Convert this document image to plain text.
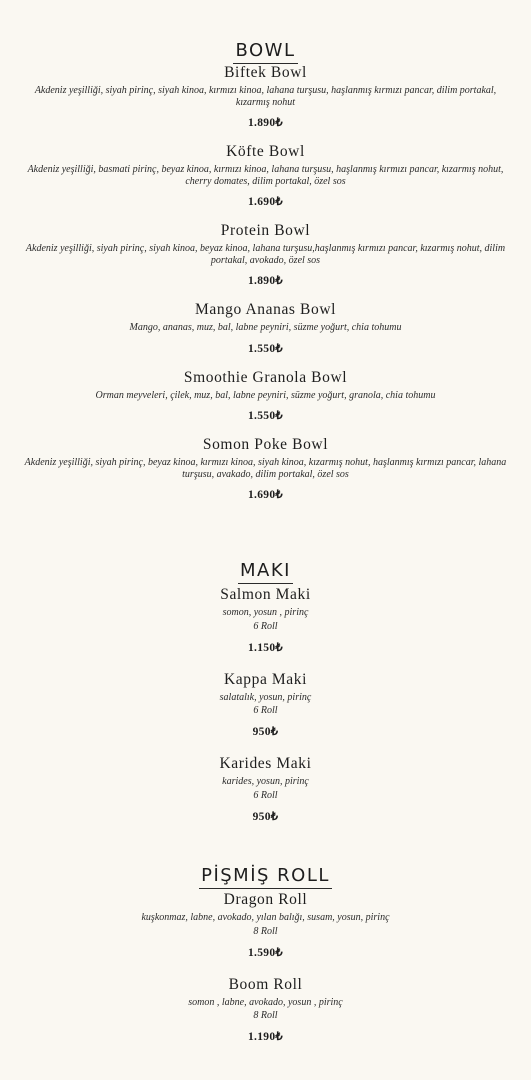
BOWL

Biftek Bowl

Akdeniz yeşilliği, siyah pirinç, siyah kinoa, kırmızı kinoa, lahana turşusu, haşlanmış kırmızı pancar, dilim portakal, kızarmış nohut

1.890₺

Köfte Bowl

Akdeniz yeşilliği, basmati pirinç, beyaz kinoa, kırmızı kinoa, lahana turşusu, haşlanmış kırmızı pancar, kızarmış nohut, cherry domates, dilim portakal, özel sos

1.690₺

Protein Bowl

Akdeniz yeşilliği, siyah pirinç, siyah kinoa, beyaz kinoa, lahana turşusu,haşlanmış kırmızı pancar, kızarmış nohut, dilim portakal, avokado, özel sos

1.890₺

Mango Ananas Bowl

Mango, ananas, muz, bal, labne peyniri, süzme yoğurt, chia tohumu

1.550₺

Smoothie Granola Bowl

Orman meyveleri, çilek, muz, bal, labne peyniri, süzme yoğurt, granola, chia tohumu

1.550₺

Somon Poke Bowl

Akdeniz yeşilliği, siyah pirinç, beyaz kinoa, kırmızı kinoa, siyah kinoa, kızarmış nohut, haşlanmış kırmızı pancar, lahana turşusu, avakado, dilim portakal, özel sos

1.690₺

MAKI

Salmon Maki

somon, yosun , pirinç

6 Roll

1.150₺

Kappa Maki

salatalık, yosun, pirinç

6 Roll

950₺

Karides Maki

karides, yosun, pirinç

6 Roll

950₺

PİŞMİŞ ROLL

Dragon Roll

kuşkonmaz, labne, avokado, yılan balığı, susam, yosun, pirinç

8 Roll

1.590₺

Boom Roll

somon , labne, avokado, yosun , pirinç

8 Roll

1.190₺
